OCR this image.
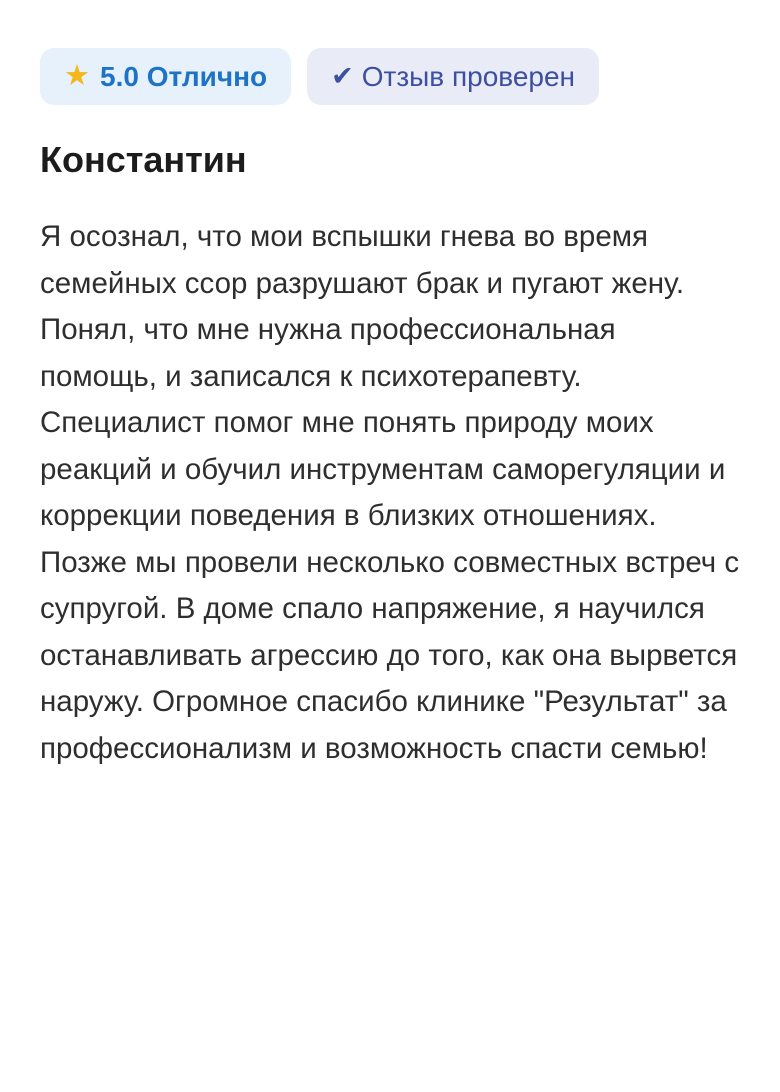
★ 5.0 Отлично ✔ Отзыв проверен
Константин

Я осознал, что мои вспышки гнева во время семейных ссор разрушают брак и пугают жену. Понял, что мне нужна профессиональная помощь, и записался к психотерапевту. Специалист помог мне понять природу моих реакций и обучил инструментам саморегуляции и коррекции поведения в близких отношениях. Позже мы провели несколько совместных встреч с супругой. В доме спало напряжение, я научился останавливать агрессию до того, как она вырвется наружу. Огромное спасибо клинике "Результат" за профессионализм и возможность спасти семью!
